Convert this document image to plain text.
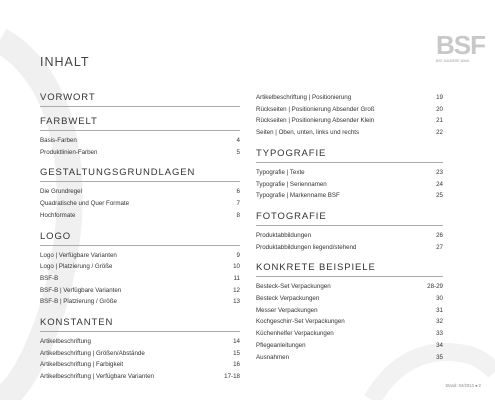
B S F
BSF-SAUBERE WAHL
INHALT
VORWORT
FARBWELT
Basis-Farben	4
Produktlinien-Farben	5
GESTALTUNGSGRUNDLAGEN
Die Grundregel	6
Quadratische und Quer Formate	7
Hochformate	8
LOGO
Logo | Verfügbare Varianten	9
Logo | Platzierung / Größe	10
BSF-B	11
BSF-B | Verfügbare Varianten	12
BSF-B | Platzierung / Größe	13
KONSTANTEN
Artikelbeschriftung	14
Artikelbeschriftung | Größen/Abstände	15
Artikelbeschriftung | Farbigkeit	16
Artikelbeschriftung | Verfügbare Varianten	17-18
Artikelbeschriftung | Positionierung	19
Rückseiten | Positionierung Absender Groß	20
Rückseiten | Positionierung Absender Klein	21
Seiten | Oben, unten, links und rechts	22
TYPOGRAFIE
Typografie | Texte	23
Typografie | Seriennamen	24
Typografie | Markenname BSF	25
FOTOGRAFIE
Produktabbildungen	26
Produktabbildungen liegend/stehend	27
KONKRETE BEISPIELE
Besteck-Set Verpackungen	28-29
Besteck Verpackungen	30
Messer Verpackungen	31
Kochgeschirr-Set Verpackungen	32
Küchenhelfer Verpackungen	33
Pflegeanleitungen	34
Ausnahmen	35
Stand: 04/2014 ● 2
